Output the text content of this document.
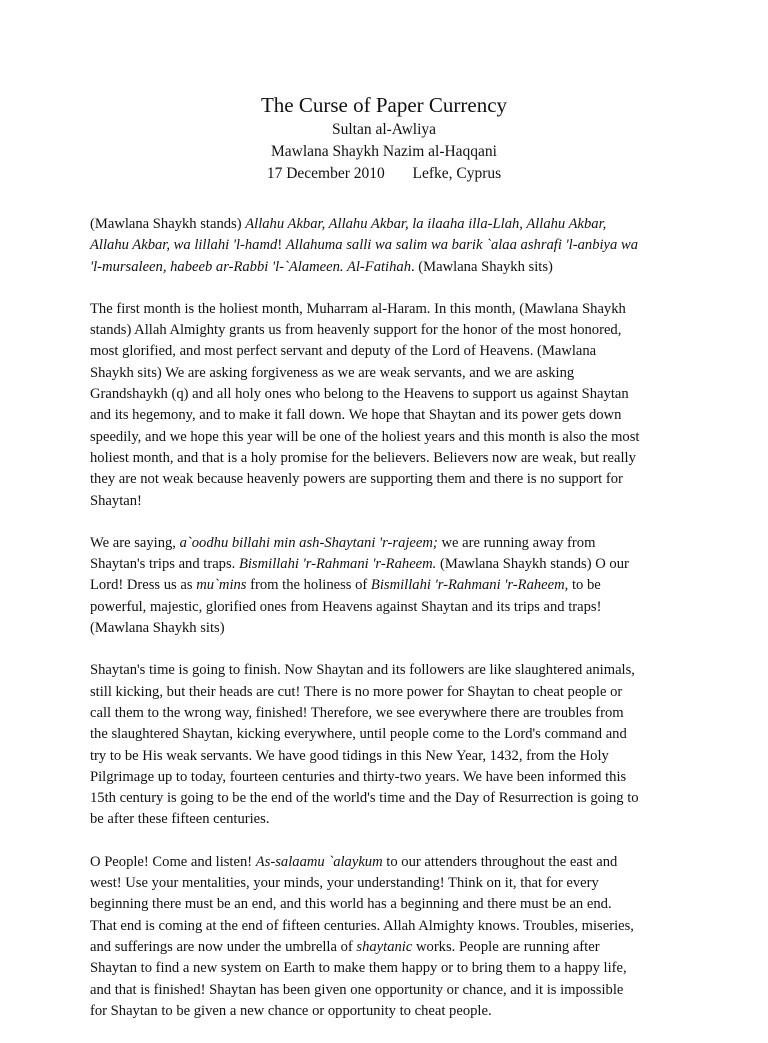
The Curse of Paper Currency

Sultan al-Awliya

Mawlana Shaykh Nazim al-Haqqani

17 December 2010 Lefke, Cyprus

(Mawlana Shaykh stands) Allahu Akbar, Allahu Akbar, la ilaaha illa-Llah, Allahu Akbar,
Allahu Akbar, wa lillahi 'l-hamd! Allahuma salli wa salim wa barik `alaa ashrafi 'l-anbiya wa
'l-mursaleen, habeeb ar-Rabbi 'l-`Alameen. Al-Fatihah. (Mawlana Shaykh sits)

The first month is the holiest month, Muharram al-Haram. In this month, (Mawlana Shaykh
stands) Allah Almighty grants us from heavenly support for the honor of the most honored,
most glorified, and most perfect servant and deputy of the Lord of Heavens. (Mawlana
Shaykh sits) We are asking forgiveness as we are weak servants, and we are asking
Grandshaykh (q) and all holy ones who belong to the Heavens to support us against Shaytan
and its hegemony, and to make it fall down. We hope that Shaytan and its power gets down
speedily, and we hope this year will be one of the holiest years and this month is also the most
holiest month, and that is a holy promise for the believers. Believers now are weak, but really
they are not weak because heavenly powers are supporting them and there is no support for
Shaytan!

We are saying, a`oodhu billahi min ash-Shaytani 'r-rajeem; we are running away from
Shaytan's trips and traps. Bismillahi 'r-Rahmani 'r-Raheem. (Mawlana Shaykh stands) O our
Lord! Dress us as mu`mins from the holiness of Bismillahi 'r-Rahmani 'r-Raheem, to be
powerful, majestic, glorified ones from Heavens against Shaytan and its trips and traps!
(Mawlana Shaykh sits)

Shaytan's time is going to finish. Now Shaytan and its followers are like slaughtered animals,
still kicking, but their heads are cut! There is no more power for Shaytan to cheat people or
call them to the wrong way, finished! Therefore, we see everywhere there are troubles from
the slaughtered Shaytan, kicking everywhere, until people come to the Lord's command and
try to be His weak servants. We have good tidings in this New Year, 1432, from the Holy
Pilgrimage up to today, fourteen centuries and thirty-two years. We have been informed this
15th century is going to be the end of the world's time and the Day of Resurrection is going to
be after these fifteen centuries.

O People! Come and listen! As-salaamu `alaykum to our attenders throughout the east and
west! Use your mentalities, your minds, your understanding! Think on it, that for every
beginning there must be an end, and this world has a beginning and there must be an end.
That end is coming at the end of fifteen centuries. Allah Almighty knows. Troubles, miseries,
and sufferings are now under the umbrella of shaytanic works. People are running after
Shaytan to find a new system on Earth to make them happy or to bring them to a happy life,
and that is finished! Shaytan has been given one opportunity or chance, and it is impossible
for Shaytan to be given a new chance or opportunity to cheat people.
